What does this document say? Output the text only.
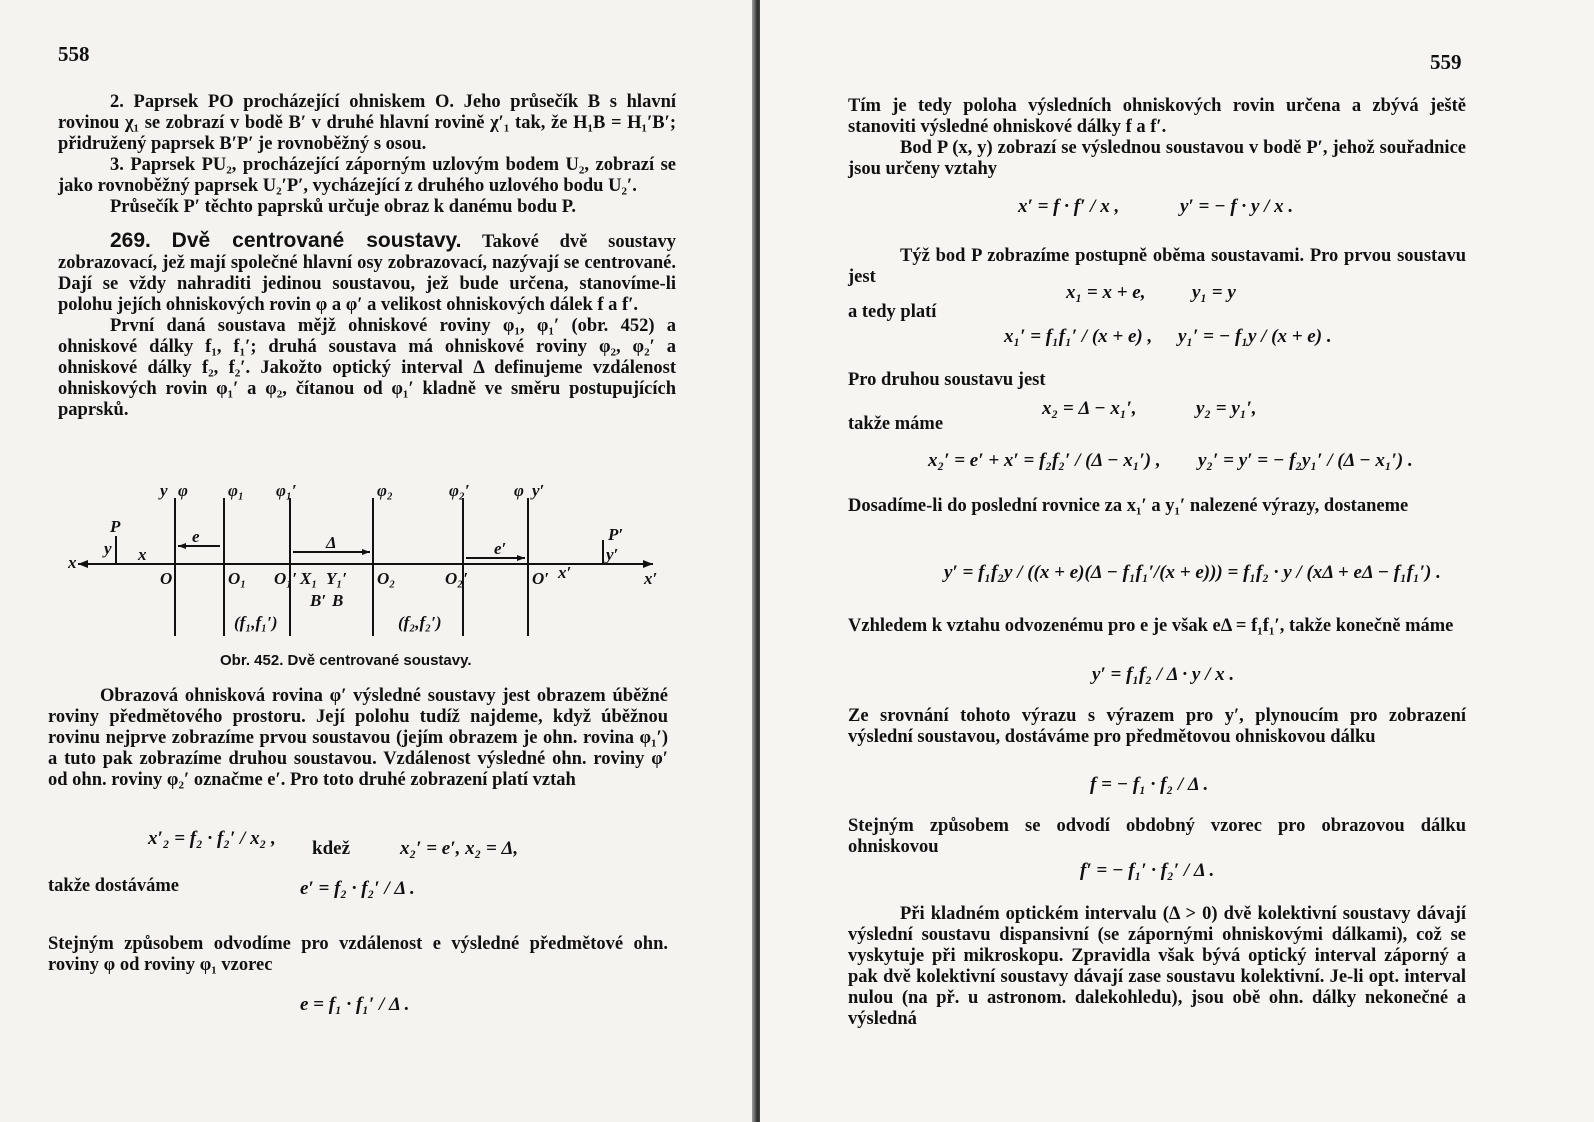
558

2. Paprsek PO procházející ohniskem O. Jeho průsečík B s hlavní rovinou χ₁ se zobrazí v bodě B′ v druhé hlavní rovině χ′₁ tak, že H₁B = H₁′B′; přidružený paprsek B′P′ je rovnoběžný s osou.

3. Paprsek PU₂, procházející záporným uzlovým bodem U₂, zobrazí se jako rovnoběžný paprsek U₂′P′, vycházející z druhého uzlového bodu U₂′.

Průsečík P′ těchto paprsků určuje obraz k danému bodu P.

269. Dvě centrované soustavy. Takové dvě soustavy zobrazovací, jež mají společné hlavní osy zobrazovací, nazývají se centrované. Dají se vždy nahraditi jedinou soustavou, jež bude určena, stanovíme-li polohu jejích ohniskových rovin φ a φ′ a velikost ohniskových dálek f a f′.

První daná soustava mějž ohniskové roviny φ₁, φ₁′ (obr. 452) a ohniskové dálky f₁, f₁′; druhá soustava má ohniskové roviny φ₂, φ₂′ a ohniskové dálky f₂, f₂′. Jakožto optický interval Δ definujeme vzdálenost ohniskových rovin φ₁′ a φ₂, čítanou od φ₁′ kladně ve směru postupujících paprsků.

y φ φ₁ φ₁′	φ₂	φ₂′	φ y′
P
y
P′
y′
x	x
x′
x′
e	Δ	e′
O	O₁ O₁′ X₁ Y₁′
B′ B
O₂	O₂′	O′
(f₁,f₁′)	(f₂,f₂′)
Obr. 452. Dvě centrované soustavy.

Obrazová ohnisková rovina φ′ výsledné soustavy jest obrazem úběžné roviny předmětového prostoru. Její polohu tudíž najdeme, když úběžnou rovinu nejprve zobrazíme prvou soustavou (jejím obrazem je ohn. rovina φ₁′) a tuto pak zobrazíme druhou soustavou. Vzdálenost výsledné ohn. roviny φ′ od ohn. roviny φ₂′ označme e′. Pro toto druhé zobrazení platí vztah

x′₂ = f₂ · f₂′ / x₂ , kdež	x₂′ = e′, x₂ = Δ,
takže dostáváme	e′ = f₂ · f₂′ / Δ .

Stejným způsobem odvodíme pro vzdálenost e výsledné předmětové ohn. roviny φ od roviny φ₁ vzorec

e = f₁ · f₁′ / Δ .
559

Tím je tedy poloha výsledních ohniskových rovin určena a zbývá ještě stanoviti výsledné ohniskové dálky f a f′.

Bod P (x, y) zobrazí se výslednou soustavou v bodě P′, jehož souřadnice jsou určeny vztahy

x′ = f · f′ / x ,	y′ = − f · y / x .

Týž bod P zobrazíme postupně oběma soustavami. Pro prvou soustavu jest

x₁ = x + e, y₁ = y
a tedy platí
x₁′ = f₁f₁′ / (x + e) , y₁′ = − f₁y / (x + e) .
Pro druhou soustavu jest
x₂ = Δ − x₁′,	y₂ = y₁′,
takže máme
x₂′ = e′ + x′ = f₂f₂′ / (Δ − x₁′) , y₂′ = y′ = − f₂y₁′ / (Δ − x₁′) .

Dosadíme-li do poslední rovnice za x₁′ a y₁′ nalezené výrazy, dostaneme

y′ = f₁f₂y / ((x + e)(Δ − f₁f₁′/(x + e))) = f₁f₂ · y / (xΔ + eΔ − f₁f₁′) .

Vzhledem k vztahu odvozenému pro e je však eΔ = f₁f₁′, takže konečně máme

y′ = f₁f₂ / Δ · y / x .

Ze srovnání tohoto výrazu s výrazem pro y′, plynoucím pro zobrazení výslední soustavou, dostáváme pro předmětovou ohniskovou dálku

f = − f₁ · f₂ / Δ .

Stejným způsobem se odvodí obdobný vzorec pro obrazovou dálku ohniskovou

f′ = − f₁′ · f₂′ / Δ .

Při kladném optickém intervalu (Δ > 0) dvě kolektivní soustavy dávají výslední soustavu dispansivní (se zápornými ohniskovými dálkami), což se vyskytuje při mikroskopu. Zpravidla však bývá optický interval záporný a pak dvě kolektivní soustavy dávají zase soustavu kolektivní. Je-li opt. interval nulou (na př. u astronom. dalekohledu), jsou obě ohn. dálky nekonečné a výsledná
